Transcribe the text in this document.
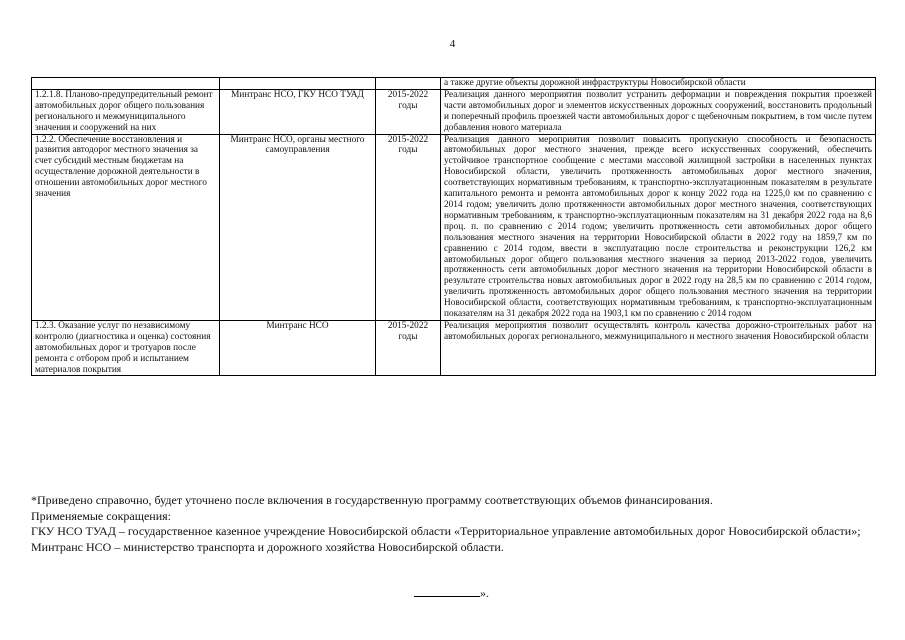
4
			а также другие объекты дорожной инфраструктуры Новосибирской области
1.2.1.8. Планово-предупредительный ремонт автомобильных дорог общего пользования регионального и межмуниципального значения и сооружений на них	Минтранс НСО, ГКУ НСО ТУАД	2015-2022 годы	Реализация данного мероприятия позволит устранить деформации и повреждения покрытия проезжей части автомобильных дорог и элементов искусственных дорожных сооружений, восстановить продольный и поперечный профиль проезжей части автомобильных дорог с щебеночным покрытием, в том числе путем добавления нового материала
1.2.2. Обеспечение восстановления и развития автодорог местного значения за счет субсидий местным бюджетам на осуществление дорожной деятельности в отношении автомобильных дорог местного значения	Минтранс НСО, органы местного самоуправления	2015-2022 годы	Реализация данного мероприятия позволит повысить пропускную способность и безопасность автомобильных дорог местного значения, прежде всего искусственных сооружений, обеспечить устойчивое транспортное сообщение с местами массовой жилищной застройки в населенных пунктах Новосибирской области, увеличить протяженность автомобильных дорог местного значения, соответствующих нормативным требованиям, к транспортно-эксплуатационным показателям в результате капитального ремонта и ремонта автомобильных дорог к концу 2022 года на 1225,0 км по сравнению с 2014 годом; увеличить долю протяженности автомобильных дорог местного значения, соответствующих нормативным требованиям, к транспортно-эксплуатационным показателям на 31 декабря 2022 года на 8,6 проц. п. по сравнению с 2014 годом; увеличить протяженность сети автомобильных дорог общего пользования местного значения на территории Новосибирской области в 2022 году на 1859,7 км по сравнению с 2014 годом, ввести в эксплуатацию после строительства и реконструкции 126,2 км автомобильных дорог общего пользования местного значения за период 2013-2022 годов, увеличить протяженность сети автомобильных дорог местного значения на территории Новосибирской области в результате строительства новых автомобильных дорог в 2022 году на 28,5 км по сравнению с 2014 годом, увеличить протяженность автомобильных дорог общего пользования местного значения на территории Новосибирской области, соответствующих нормативным требованиям, к транспортно-эксплуатационным показателям на 31 декабря 2022 года на 1903,1 км по сравнению с 2014 годом
1.2.3. Оказание услуг по независимому контролю (диагностика и оценка) состояния автомобильных дорог и тротуаров после ремонта с отбором проб и испытанием материалов покрытия	Минтранс НСО	2015-2022 годы	Реализация мероприятия позволит осуществлять контроль качества дорожно-строительных работ на автомобильных дорогах регионального, межмуниципального и местного значения Новосибирской области

*Приведено справочно, будет уточнено после включения в государственную программу соответствующих объемов финансирования.

Применяемые сокращения:

ГКУ НСО ТУАД – государственное казенное учреждение Новосибирской области «Территориальное управление автомобильных дорог Новосибирской области»;

Минтранс НСО – министерство транспорта и дорожного хозяйства Новосибирской области.

».
